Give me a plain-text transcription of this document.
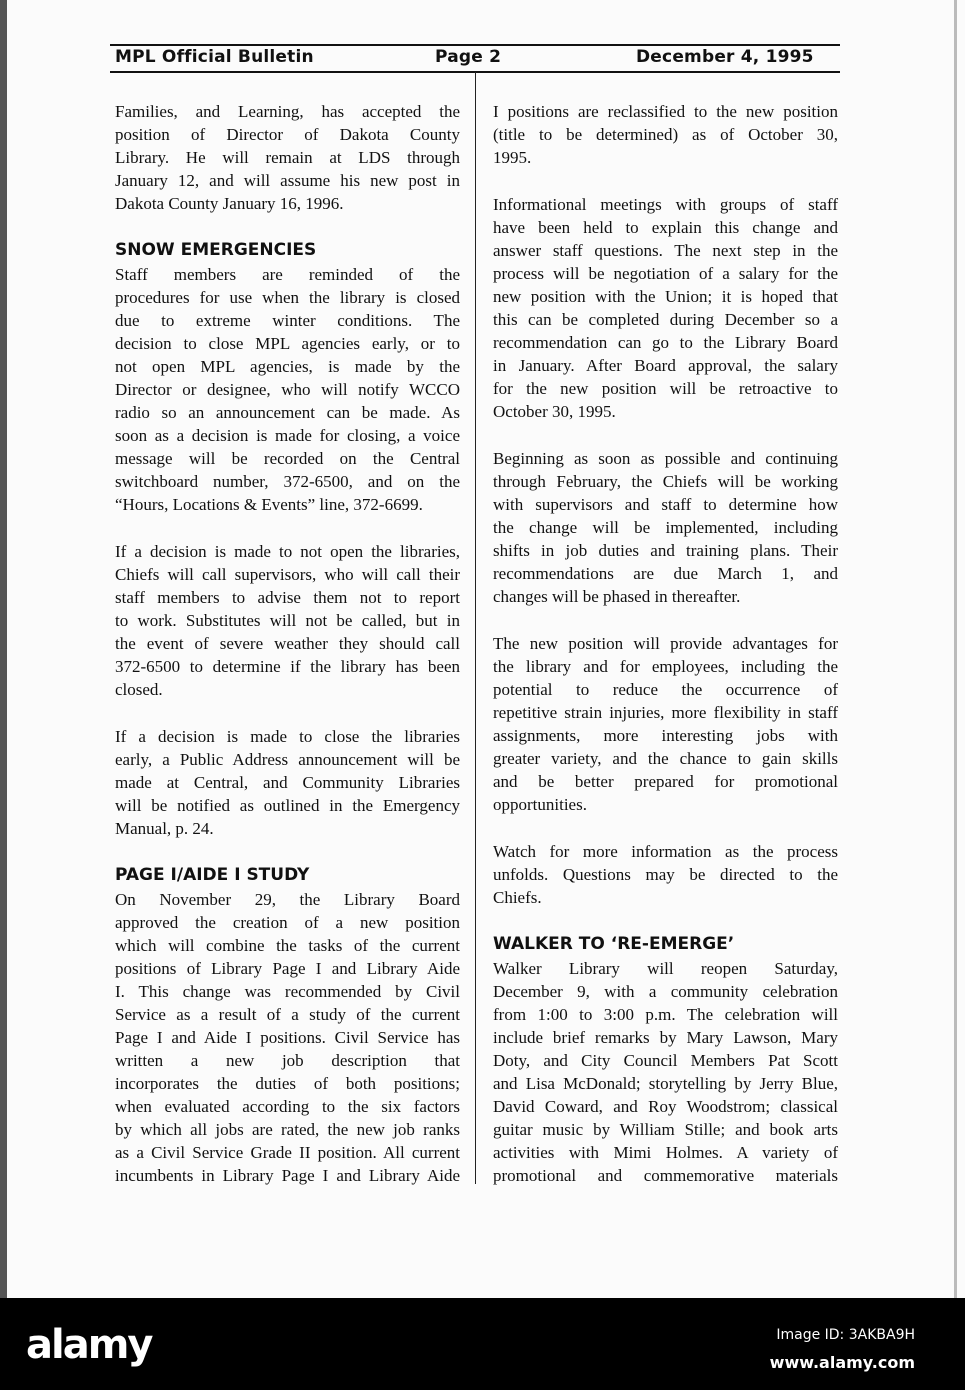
MPL Official Bulletin	Page 2	December 4, 1995
Families, and Learning, has accepted the
position of Director of Dakota County
Library. He will remain at LDS through
January 12, and will assume his new post in
Dakota County January 16, 1996.
SNOW EMERGENCIES
Staff members are reminded of the
procedures for use when the library is closed
due to extreme winter conditions. The
decision to close MPL agencies early, or to
not open MPL agencies, is made by the
Director or designee, who will notify WCCO
radio so an announcement can be made. As
soon as a decision is made for closing, a voice
message will be recorded on the Central
switchboard number, 372-6500, and on the
“Hours, Locations & Events” line, 372-6699.
If a decision is made to not open the libraries,
Chiefs will call supervisors, who will call their
staff members to advise them not to report
to work. Substitutes will not be called, but in
the event of severe weather they should call
372-6500 to determine if the library has been
closed.
If a decision is made to close the libraries
early, a Public Address announcement will be
made at Central, and Community Libraries
will be notified as outlined in the Emergency
Manual, p. 24.
PAGE I/AIDE I STUDY
On November 29, the Library Board
approved the creation of a new position
which will combine the tasks of the current
positions of Library Page I and Library Aide
I. This change was recommended by Civil
Service as a result of a study of the current
Page I and Aide I positions. Civil Service has
written a new job description that
incorporates the duties of both positions;
when evaluated according to the six factors
by which all jobs are rated, the new job ranks
as a Civil Service Grade II position. All current
incumbents in Library Page I and Library Aide
I positions are reclassified to the new position
(title to be determined) as of October 30,
1995.
Informational meetings with groups of staff
have been held to explain this change and
answer staff questions. The next step in the
process will be negotiation of a salary for the
new position with the Union; it is hoped that
this can be completed during December so a
recommendation can go to the Library Board
in January. After Board approval, the salary
for the new position will be retroactive to
October 30, 1995.
Beginning as soon as possible and continuing
through February, the Chiefs will be working
with supervisors and staff to determine how
the change will be implemented, including
shifts in job duties and training plans. Their
recommendations are due March 1, and
changes will be phased in thereafter.
The new position will provide advantages for
the library and for employees, including the
potential to reduce the occurrence of
repetitive strain injuries, more flexibility in staff
assignments, more interesting jobs with
greater variety, and the chance to gain skills
and be better prepared for promotional
opportunities.
Watch for more information as the process
unfolds. Questions may be directed to the
Chiefs.
WALKER TO ‘RE-EMERGE’
Walker Library will reopen Saturday,
December 9, with a community celebration
from 1:00 to 3:00 p.m. The celebration will
include brief remarks by Mary Lawson, Mary
Doty, and City Council Members Pat Scott
and Lisa McDonald; storytelling by Jerry Blue,
David Coward, and Roy Woodstrom; classical
guitar music by William Stille; and book arts
activities with Mimi Holmes. A variety of
promotional and commemorative materials
alamy	Image ID: 3AKBA9H
www.alamy.com
